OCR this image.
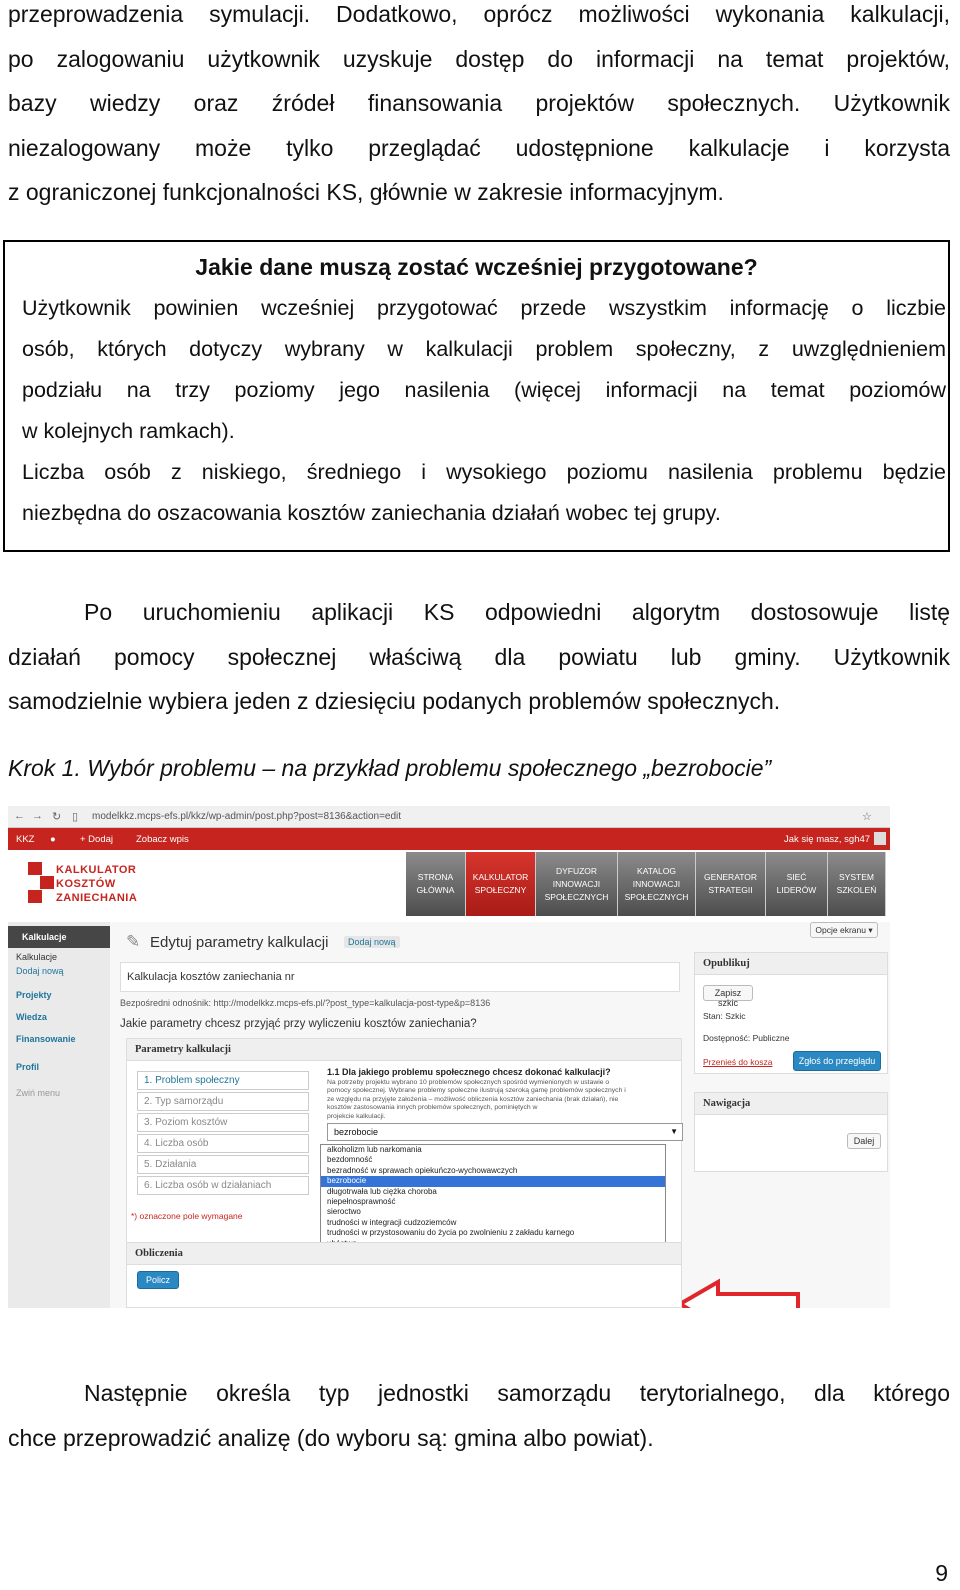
przeprowadzenia symulacji. Dodatkowo, oprócz możliwości wykonania kalkulacji,
po zalogowaniu użytkownik uzyskuje dostęp do informacji na temat projektów,
bazy wiedzy oraz źródeł finansowania projektów społecznych. Użytkownik
niezalogowany może tylko przeglądać udostępnione kalkulacje i korzysta
z ograniczonej funkcjonalności KS, głównie w zakresie informacyjnym.
Jakie dane muszą zostać wcześniej przygotowane?
Użytkownik powinien wcześniej przygotować przede wszystkim informację o liczbie
osób, których dotyczy wybrany w kalkulacji problem społeczny, z uwzględnieniem
podziału na trzy poziomy jego nasilenia (więcej informacji na temat poziomów
w kolejnych ramkach).
Liczba osób z niskiego, średniego i wysokiego poziomu nasilenia problemu będzie
niezbędna do oszacowania kosztów zaniechania działań wobec tej grupy.
Po uruchomieniu aplikacji KS odpowiedni algorytm dostosowuje listę
działań pomocy społecznej właściwą dla powiatu lub gminy. Użytkownik
samodzielnie wybiera jeden z dziesięciu podanych problemów społecznych.
Krok 1. Wybór problemu – na przykład problemu społecznego „bezrobocie”
← → ↻ ▯ modelkkz.mcps-efs.pl/kkz/wp-admin/post.php?post=8136&action=edit	☆
KKZ ●	+ Dodaj Zobacz wpis	Jak się masz, sgh47
KALKULATOR
KOSZTÓW
ZANIECHANIA
STRONA
GŁÓWNA
KALKULATOR
SPOŁECZNY
DYFUZOR
INNOWACJI
SPOŁECZNYCH
KATALOG
INNOWACJI
SPOŁECZNYCH
GENERATOR
STRATEGII
SIEĆ
LIDERÓW
SYSTEM
SZKOLEŃ
Kalkulacje
Kalkulacje
Dodaj nową
Projekty
Wiedza
Finansowanie
Profil
Zwiń menu
Opcje ekranu ▾
✎ Edytuj parametry kalkulacji	Dodaj nową
Kalkulacja kosztów zaniechania nr
Bezpośredni odnośnik: http://modelkkz.mcps-efs.pl/?post_type=kalkulacja-post-type&p=8136
Jakie parametry chcesz przyjąć przy wyliczeniu kosztów zaniechania?
Parametry kalkulacji
1. Problem społeczny
2. Typ samorządu
3. Poziom kosztów
4. Liczba osób
5. Działania
6. Liczba osób w działaniach
*) oznaczone pole wymagane
1.1 Dla jakiego problemu społecznego chcesz dokonać kalkulacji?
Na potrzeby projektu wybrano 10 problemów społecznych spośród wymienionych w ustawie o
pomocy społecznej. Wybrane problemy społeczne ilustrują szeroką gamę problemów społecznych i
ze względu na przyjęte założenia – możliwość obliczenia kosztów zaniechania (brak działań), nie
kosztów zastosowania innych problemów społecznych, pominiętych w
projekcie kalkulacji.
bezrobocie	▼
alkoholizm lub narkomania
bezdomność
bezradność w sprawach opiekuńczo-wychowawczych
bezrobocie
długotrwała lub ciężka choroba
niepełnosprawność
sieroctwo
trudności w integracji cudzoziemców
trudności w przystosowaniu do życia po zwolnieniu z zakładu karnego
Obliczenia
Policz
Opublikuj
Zapisz szkic
Stan: Szkic
Dostępność: Publiczne
Przenieś do kosza	Zgłoś do przeglądu
Nawigacja
Dalej
Następnie określa typ jednostki samorządu terytorialnego, dla którego
chce przeprowadzić analizę (do wyboru są: gmina albo powiat).
9
